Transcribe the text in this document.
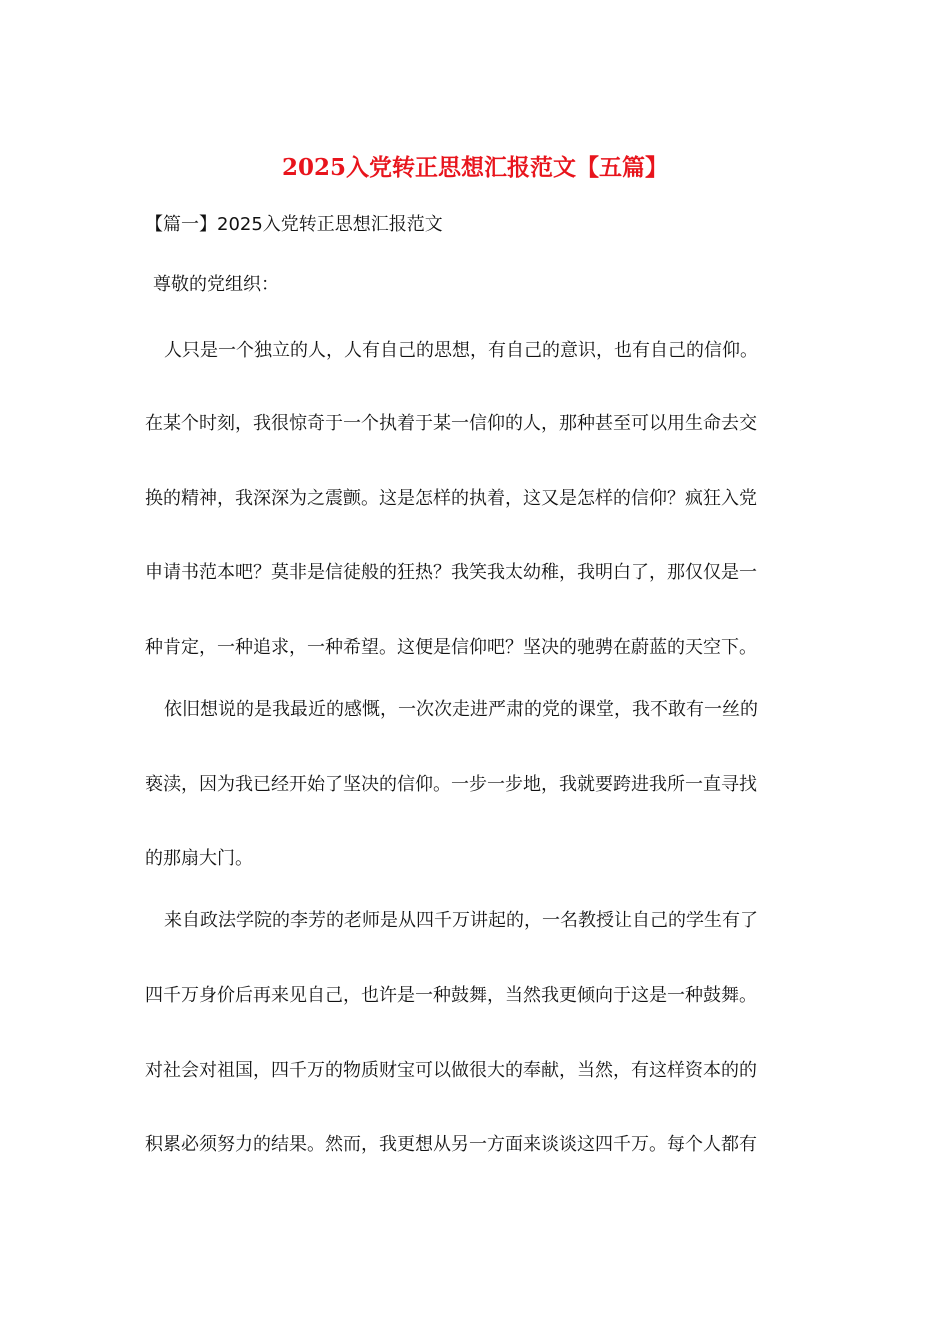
2025入党转正思想汇报范文【五篇】

【篇一】2025入党转正思想汇报范文

尊敬的党组织：

人只是一个独立的人，人有自己的思想，有自己的意识，也有自己的信仰。

在某个时刻，我很惊奇于一个执着于某一信仰的人，那种甚至可以用生命去交

换的精神，我深深为之震颤。这是怎样的执着，这又是怎样的信仰？疯狂入党

申请书范本吧？莫非是信徒般的狂热？我笑我太幼稚，我明白了，那仅仅是一

种肯定，一种追求，一种希望。这便是信仰吧？坚决的驰骋在蔚蓝的天空下。

依旧想说的是我最近的感慨，一次次走进严肃的党的课堂，我不敢有一丝的

亵渎，因为我已经开始了坚决的信仰。一步一步地，我就要跨进我所一直寻找

的那扇大门。

来自政法学院的李芳的老师是从四千万讲起的，一名教授让自己的学生有了

四千万身价后再来见自己，也许是一种鼓舞，当然我更倾向于这是一种鼓舞。

对社会对祖国，四千万的物质财宝可以做很大的奉献，当然，有这样资本的的

积累必须努力的结果。然而，我更想从另一方面来谈谈这四千万。每个人都有
